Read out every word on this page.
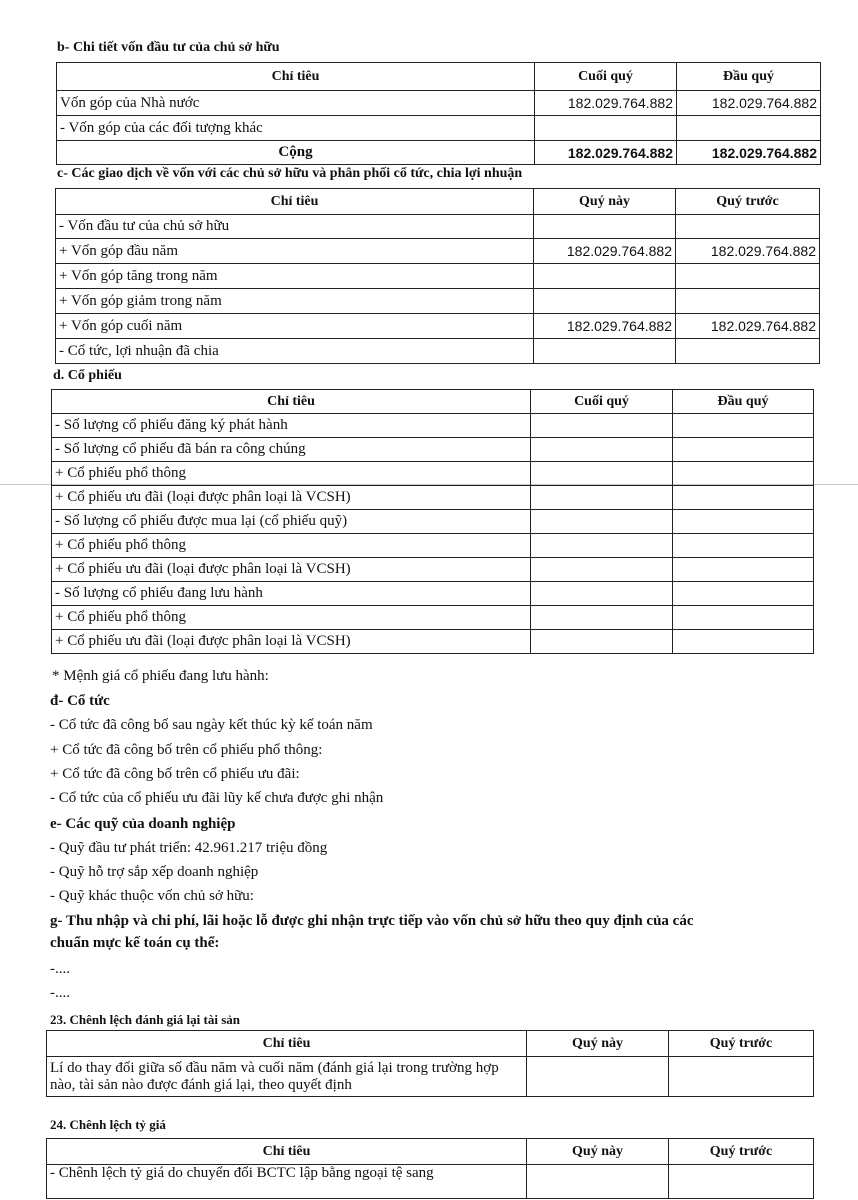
b- Chi tiết vốn đầu tư của chủ sở hữu
Chỉ tiêu	Cuối quý	Đầu quý
Vốn góp của Nhà nước	182.029.764.882	182.029.764.882
- Vốn góp của các đối tượng khác		
Cộng	182.029.764.882	182.029.764.882
c- Các giao dịch về vốn với các chủ sở hữu và phân phối cổ tức, chia lợi nhuận
Chỉ tiêu	Quý này	Quý trước
- Vốn đầu tư của chủ sở hữu		
+ Vốn góp đầu năm	182.029.764.882	182.029.764.882
+ Vốn góp tăng trong năm		
+ Vốn góp giảm trong năm		
+ Vốn góp cuối năm	182.029.764.882	182.029.764.882
- Cổ tức, lợi nhuận đã chia		
d. Cổ phiếu
Chỉ tiêu	Cuối quý	Đầu quý
- Số lượng cổ phiếu đăng ký phát hành		
- Số lượng cổ phiếu đã bán ra công chúng		
+ Cổ phiếu phổ thông		
+ Cổ phiếu ưu đãi (loại được phân loại là VCSH)		
- Số lượng cổ phiếu được mua lại (cổ phiếu quỹ)		
+ Cổ phiếu phổ thông		
+ Cổ phiếu ưu đãi (loại được phân loại là VCSH)		
- Số lượng cổ phiếu đang lưu hành		
+ Cổ phiếu phổ thông		
+ Cổ phiếu ưu đãi (loại được phân loại là VCSH)		
* Mệnh giá cổ phiếu đang lưu hành:
đ- Cổ tức
- Cổ tức đã công bố sau ngày kết thúc kỳ kế toán năm
+ Cổ tức đã công bố trên cổ phiếu phổ thông:
+ Cổ tức đã công bố trên cổ phiếu ưu đãi:
- Cổ tức của cổ phiếu ưu đãi lũy kế chưa được ghi nhận
e- Các quỹ của doanh nghiệp
- Quỹ đầu tư phát triển: 42.961.217 triệu đồng
- Quỹ hỗ trợ sắp xếp doanh nghiệp
- Quỹ khác thuộc vốn chủ sở hữu:
g- Thu nhập và chi phí, lãi hoặc lỗ được ghi nhận trực tiếp vào vốn chủ sở hữu theo quy định của các
chuẩn mực kế toán cụ thể:
-....
-....
23. Chênh lệch đánh giá lại tài sản
Chỉ tiêu	Quý này	Quý trước
Lí do thay đổi giữa số đầu năm và cuối năm (đánh giá lại trong trường hợp nào, tài sản nào được đánh giá lại, theo quyết định		
24. Chênh lệch tỷ giá
Chỉ tiêu	Quý này	Quý trước
- Chênh lệch tỷ giá do chuyển đổi BCTC lập bằng ngoại tệ sang		
